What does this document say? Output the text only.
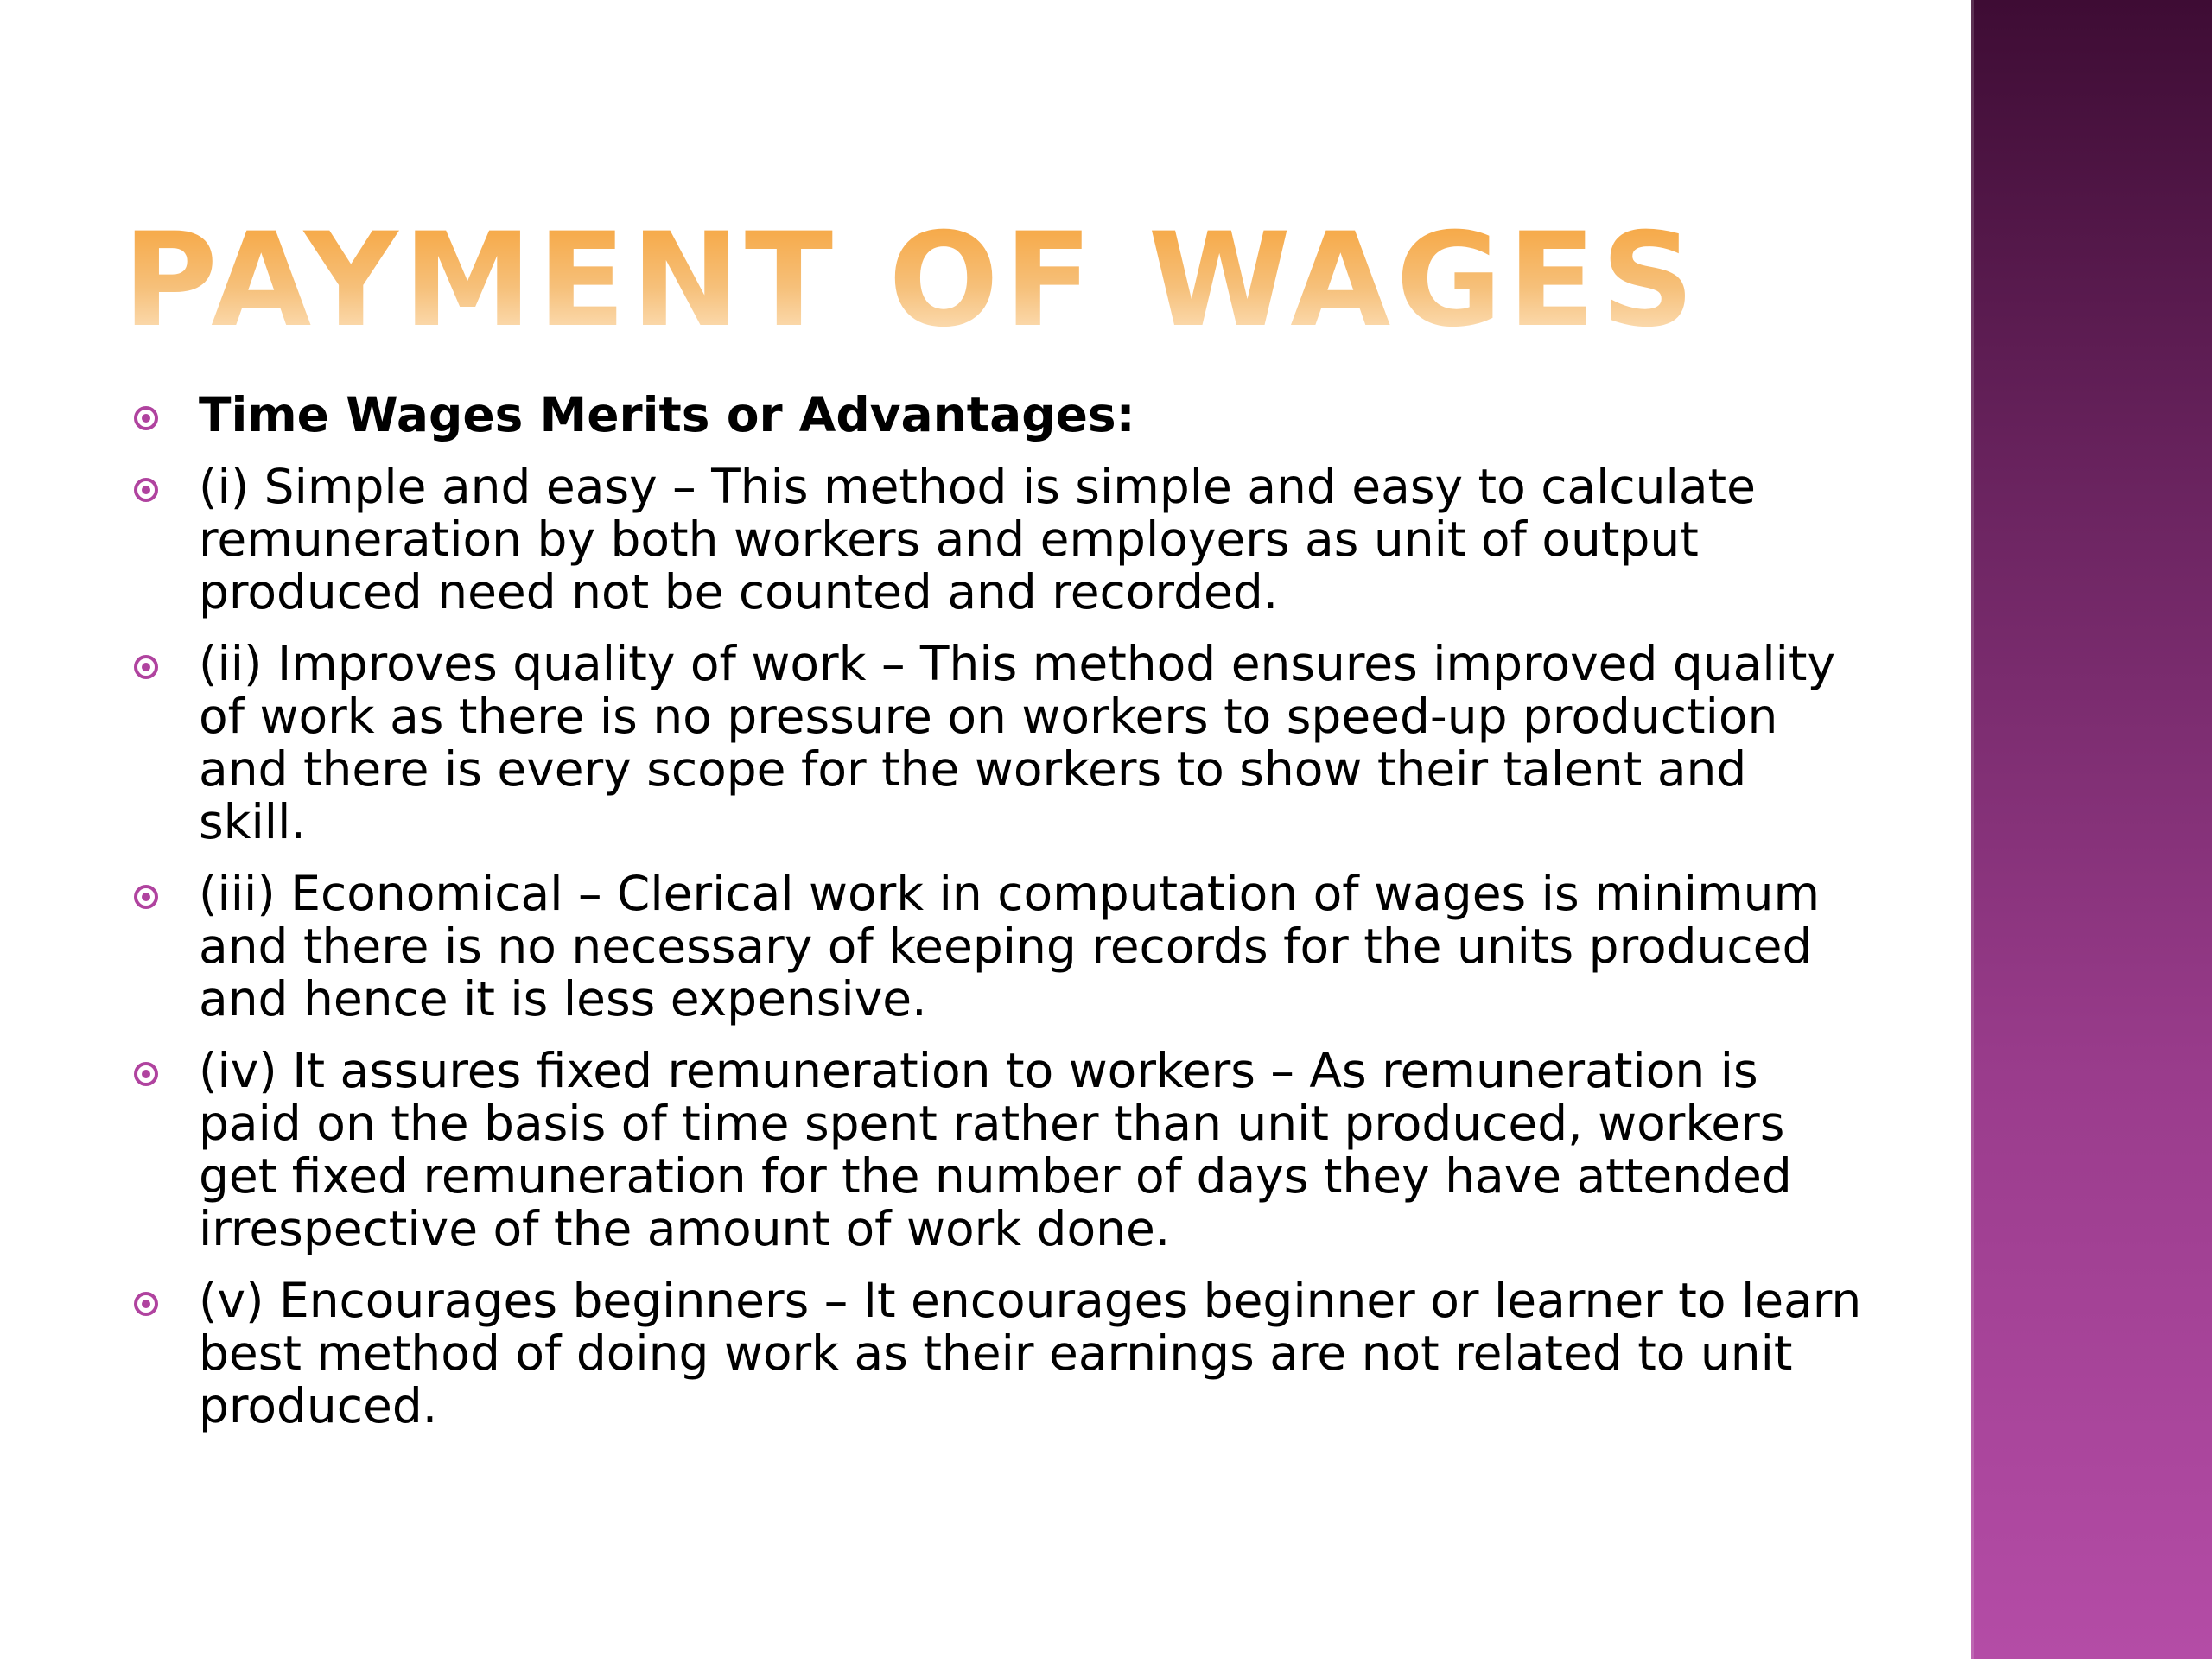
PAYMENT OF WAGES
Time Wages Merits or Advantages:
(i) Simple and easy – This method is simple and easy to calculate remuneration by both workers and employers as unit of output produced need not be counted and recorded.
(ii) Improves quality of work – This method ensures improved quality of work as there is no pressure on workers to speed-up production and there is every scope for the workers to show their talent and skill.
(iii) Economical – Clerical work in computation of wages is minimum and there is no necessary of keeping records for the units produced and hence it is less expensive.
(iv) It assures fixed remuneration to workers – As remuneration is paid on the basis of time spent rather than unit produced, workers get fixed remuneration for the number of days they have attended irrespective of the amount of work done.
(v) Encourages beginners – It encourages beginner or learner to learn best method of doing work as their earnings are not related to unit produced.
